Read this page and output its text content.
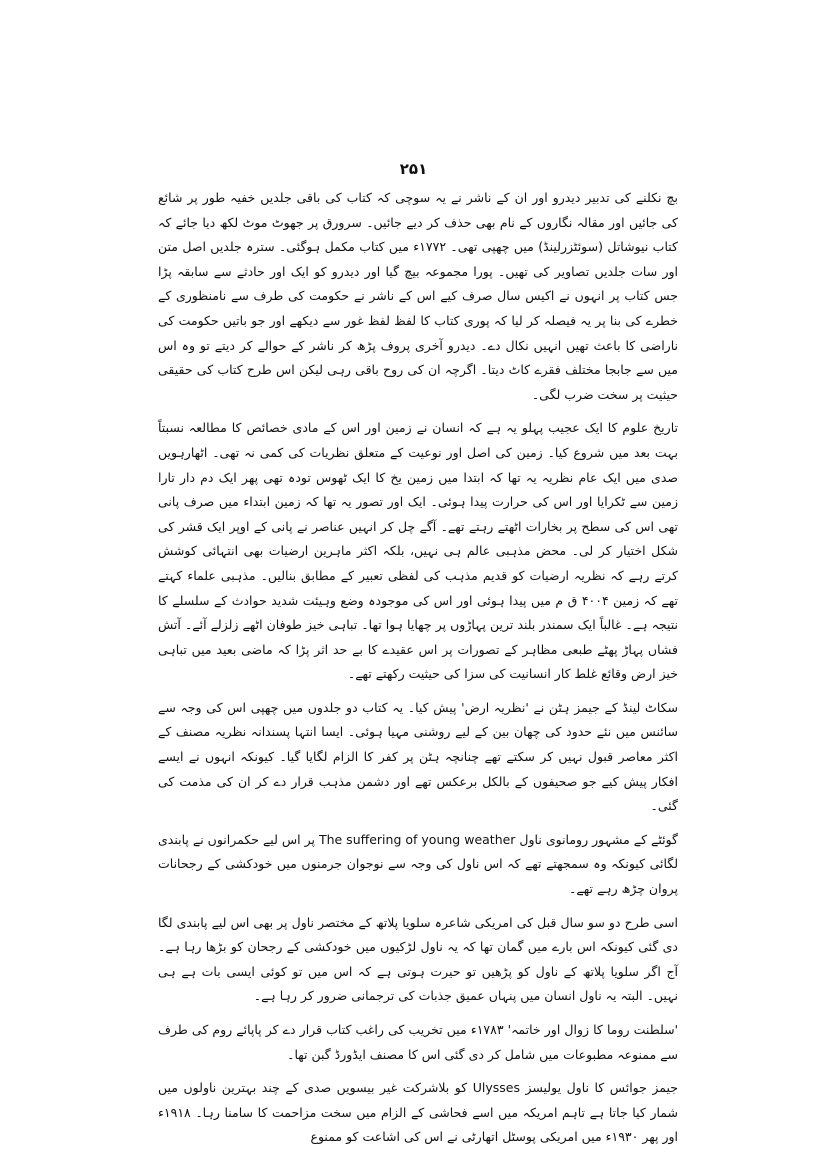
۲۵۱

بچ نکلنے کی تدبیر دیدرو اور ان کے ناشر نے یہ سوچی کہ کتاب کی باقی جلدیں خفیہ طور پر شائع کی جائیں اور مقالہ نگاروں کے نام بھی حذف کر دیے جائیں۔ سرورق پر جھوٹ موٹ لکھ دیا جائے کہ کتاب نیوشاتل (سوئٹزرلینڈ) میں چھپی تھی۔ ۱۷۷۲ء میں کتاب مکمل ہوگئی۔ سترہ جلدیں اصل متن اور سات جلدیں تصاویر کی تھیں۔ پورا مجموعہ بیچ گیا اور دیدرو کو ایک اور حادثے سے سابقہ پڑا جس کتاب پر انہوں نے اکیس سال صرف کیے اس کے ناشر نے حکومت کی طرف سے نامنظوری کے خطرے کی بنا پر یہ فیصلہ کر لیا کہ پوری کتاب کا لفظ لفظ غور سے دیکھے اور جو باتیں حکومت کی ناراضی کا باعث تھیں انہیں نکال دے۔ دیدرو آخری پروف پڑھ کر ناشر کے حوالے کر دیتے تو وہ اس میں سے جابجا مختلف فقرے کاٹ دیتا۔ اگرچہ ان کی روح باقی رہی لیکن اس طرح کتاب کی حقیقی حیثیت پر سخت ضرب لگی۔

تاریخ علوم کا ایک عجیب پہلو یہ ہے کہ انسان نے زمین اور اس کے مادی خصائص کا مطالعہ نسبتاً بہت بعد میں شروع کیا۔ زمین کی اصل اور نوعیت کے متعلق نظریات کی کمی نہ تھی۔ اٹھارہویں صدی میں ایک عام نظریہ یہ تھا کہ ابتدا میں زمین یخ کا ایک ٹھوس تودہ تھی پھر ایک دم دار تارا زمین سے ٹکرایا اور اس کی حرارت پیدا ہوئی۔ ایک اور تصور یہ تھا کہ زمین ابتداء میں صرف پانی تھی اس کی سطح پر بخارات اٹھتے رہتے تھے۔ آگے چل کر انہیں عناصر نے پانی کے اوپر ایک قشر کی شکل اختیار کر لی۔ محض مذہبی عالم ہی نہیں، بلکہ اکثر ماہرین ارضیات بھی انتہائی کوشش کرتے رہے کہ نظریہ ارضیات کو قدیم مذہب کی لفظی تعبیر کے مطابق بنالیں۔ مذہبی علماء کہتے تھے کہ زمین ۴۰۰۴ ق م میں پیدا ہوئی اور اس کی موجودہ وضع وہیئت شدید حوادث کے سلسلے کا نتیجہ ہے۔ غالباً ایک سمندر بلند ترین پہاڑوں پر چھایا ہوا تھا۔ تباہی خیز طوفان اٹھے زلزلے آئے۔ آتش فشاں پہاڑ پھٹے طبعی مظاہر کے تصورات پر اس عقیدے کا بے حد اثر پڑا کہ ماضی بعید میں تباہی خیز ارض وقائع غلط کار انسانیت کی سزا کی حیثیت رکھتے تھے۔

سکاٹ لینڈ کے جیمز ہٹن نے 'نظریہ ارض' پیش کیا۔ یہ کتاب دو جلدوں میں چھپی اس کی وجہ سے سائنس میں نئے حدود کی چھان بین کے لیے روشنی مہیا ہوئی۔ ایسا انتہا پسندانہ نظریہ مصنف کے اکثر معاصر قبول نہیں کر سکتے تھے چنانچہ ہٹن پر کفر کا الزام لگایا گیا۔ کیونکہ انہوں نے ایسے افکار پیش کیے جو صحیفوں کے بالکل برعکس تھے اور دشمن مذہب قرار دے کر ان کی مذمت کی گئی۔

گوئٹے کے مشہور رومانوی ناول The suffering of young weather پر اس لیے حکمرانوں نے پابندی لگائی کیونکہ وہ سمجھتے تھے کہ اس ناول کی وجہ سے نوجوان جرمنوں میں خودکشی کے رجحانات پروان چڑھ رہے تھے۔

اسی طرح دو سو سال قبل کی امریکی شاعرہ سلویا پلاتھ کے مختصر ناول پر بھی اس لیے پابندی لگا دی گئی کیونکہ اس بارے میں گمان تھا کہ یہ ناول لڑکیوں میں خودکشی کے رجحان کو بڑھا رہا ہے۔ آج اگر سلویا پلاتھ کے ناول کو پڑھیں تو حیرت ہوتی ہے کہ اس میں تو کوئی ایسی بات ہے ہی نہیں۔ البتہ یہ ناول انسان میں پنہاں عمیق جذبات کی ترجمانی ضرور کر رہا ہے۔

'سلطنت روما کا زوال اور خاتمہ' ۱۷۸۳ء میں تخریب کی راغب کتاب قرار دے کر پاپائے روم کی طرف سے ممنوعہ مطبوعات میں شامل کر دی گئی اس کا مصنف ایڈورڈ گبن تھا۔

جیمز جوائس کا ناول یولیسز Ulysses کو بلاشرکت غیر بیسویں صدی کے چند بہترین ناولوں میں شمار کیا جاتا ہے تاہم امریکہ میں اسے فحاشی کے الزام میں سخت مزاحمت کا سامنا رہا۔ ۱۹۱۸ء اور پھر ۱۹۳۰ء میں امریکی پوسٹل اتھارٹی نے اس کی اشاعت کو ممنوع
